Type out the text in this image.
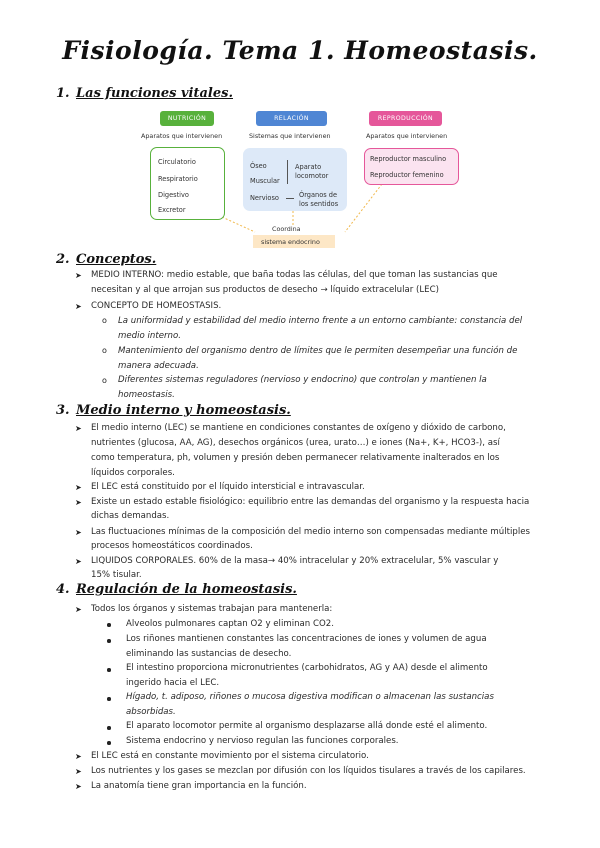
Fisiología. Tema 1. Homeostasis.
1. Las funciones vitales.
NUTRICIÓN
Aparatos que intervienen
Circulatorio
Respiratorio
Digestivo
Excretor
RELACIÓN
Sistemas que intervienen
Óseo
Muscular
Nervioso
Aparato locomotor
Órganos de los sentidos
REPRODUCCIÓN
Aparatos que intervienen
Reproductor masculino
Reproductor femenino
Coordina
sistema endocrino
2. Conceptos.
➤ MEDIO INTERNO: medio estable, que baña todas las células, del que toman las sustancias que
necesitan y al que arrojan sus productos de desecho → líquido extracelular (LEC)
➤ CONCEPTO DE HOMEOSTASIS.
o La uniformidad y estabilidad del medio interno frente a un entorno cambiante: constancia del
medio interno.
o Mantenimiento del organismo dentro de límites que le permiten desempeñar una función de
manera adecuada.
o Diferentes sistemas reguladores (nervioso y endocrino) que controlan y mantienen la
homeostasis.
3. Medio interno y homeostasis.
➤ El medio interno (LEC) se mantiene en condiciones constantes de oxígeno y dióxido de carbono,
nutrientes (glucosa, AA, AG), desechos orgánicos (urea, urato…) e iones (Na+, K+, HCO3-), así
como temperatura, ph, volumen y presión deben permanecer relativamente inalterados en los
líquidos corporales.
➤ El LEC está constituido por el líquido intersticial e intravascular.
➤ Existe un estado estable fisiológico: equilibrio entre las demandas del organismo y la respuesta hacia
dichas demandas.
➤ Las fluctuaciones mínimas de la composición del medio interno son compensadas mediante múltiples
procesos homeostáticos coordinados.
➤ LIQUIDOS CORPORALES. 60% de la masa→ 40% intracelular y 20% extracelular, 5% vascular y
15% tisular.
4. Regulación de la homeostasis.
➤ Todos los órganos y sistemas trabajan para mantenerla:
Alveolos pulmonares captan O2 y eliminan CO2.
Los riñones mantienen constantes las concentraciones de iones y volumen de agua
eliminando las sustancias de desecho.
El intestino proporciona micronutrientes (carbohidratos, AG y AA) desde el alimento
ingerido hacia el LEC.
Hígado, t. adiposo, riñones o mucosa digestiva modifican o almacenan las sustancias
absorbidas.
El aparato locomotor permite al organismo desplazarse allá donde esté el alimento.
Sistema endocrino y nervioso regulan las funciones corporales.
➤ El LEC está en constante movimiento por el sistema circulatorio.
➤ Los nutrientes y los gases se mezclan por difusión con los líquidos tisulares a través de los capilares.
➤ La anatomía tiene gran importancia en la función.
